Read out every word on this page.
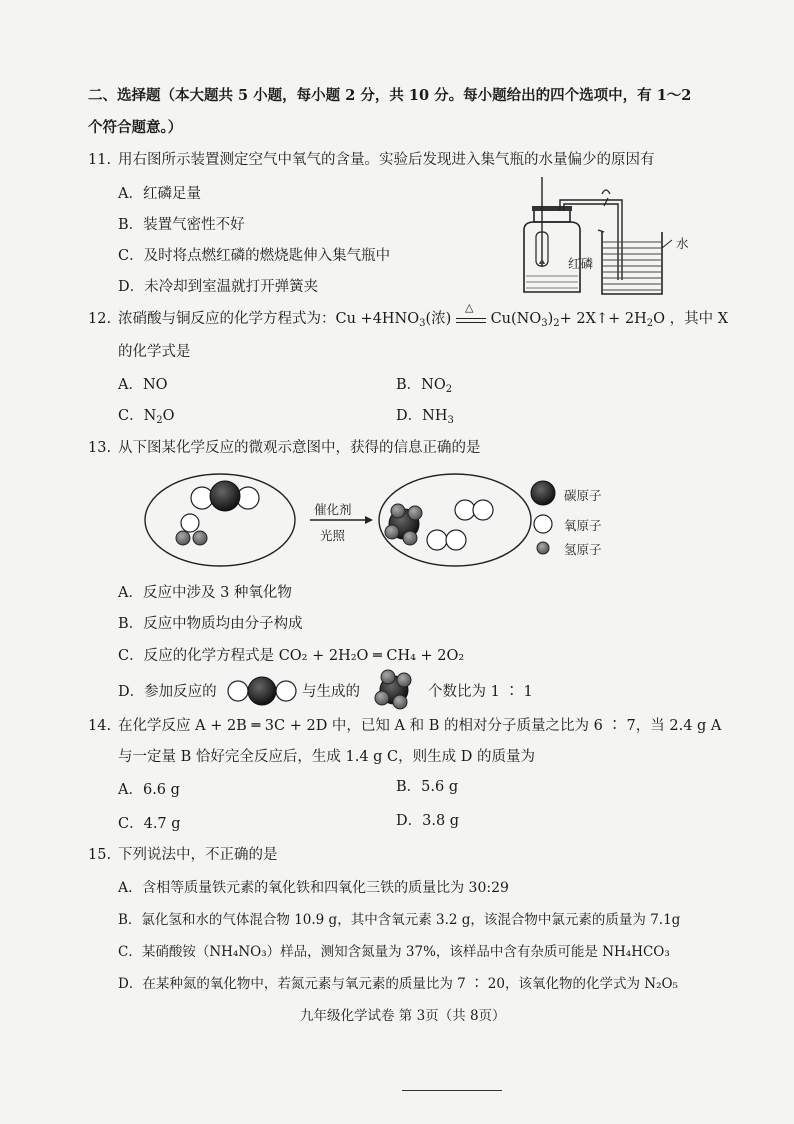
二、选择题（本大题共 5 小题，每小题 2 分，共 10 分。每小题给出的四个选项中，有 1～2
个符合题意。）
11. 用右图所示装置测定空气中氧气的含量。实验后发现进入集气瓶的水量偏少的原因有
A．红磷足量
B．装置气密性不好
C．及时将点燃红磷的燃烧匙伸入集气瓶中
D．未冷却到室温就打开弹簧夹
红磷
水
12. 浓硝酸与铜反应的化学方程式为：$Cu +4HNO_3$(浓)
△
$Cu(NO_3)_2+$ 2X↑+ $2H_2O$ ，其中 X
的化学式是
A．NO	B．$NO_2$
C．$N_2O$	D．$NH_3$
13. 从下图某化学反应的微观示意图中，获得的信息正确的是
催化剂
光照
碳原子
氧原子
氢原子
A．反应中涉及 3 种氧化物
B．反应中物质均由分子构成
C．反应的化学方程式是 CO₂ + 2H₂O ═ CH₄ + 2O₂
D．参加反应的	与生成的	个数比为 1 ∶ 1
14. 在化学反应 A + 2B ═ 3C + 2D 中，已知 A 和 B 的相对分子质量之比为 6 ∶ 7，当 2.4 g A
与一定量 B 恰好完全反应后，生成 1.4 g C，则生成 D 的质量为
A．6.6 g	B．5.6 g
C．4.7 g	D．3.8 g
15. 下列说法中，不正确的是
A．含相等质量铁元素的氧化铁和四氧化三铁的质量比为 30:29
B．氯化氢和水的气体混合物 10.9 g，其中含氧元素 3.2 g，该混合物中氯元素的质量为 7.1g
C．某硝酸铵（NH₄NO₃）样品，测知含氮量为 37%，该样品中含有杂质可能是 NH₄HCO₃
D．在某种氮的氧化物中，若氮元素与氧元素的质量比为 7 ∶ 20，该氧化物的化学式为 N₂O₅
九年级化学试卷 第 3页（共 8页）
